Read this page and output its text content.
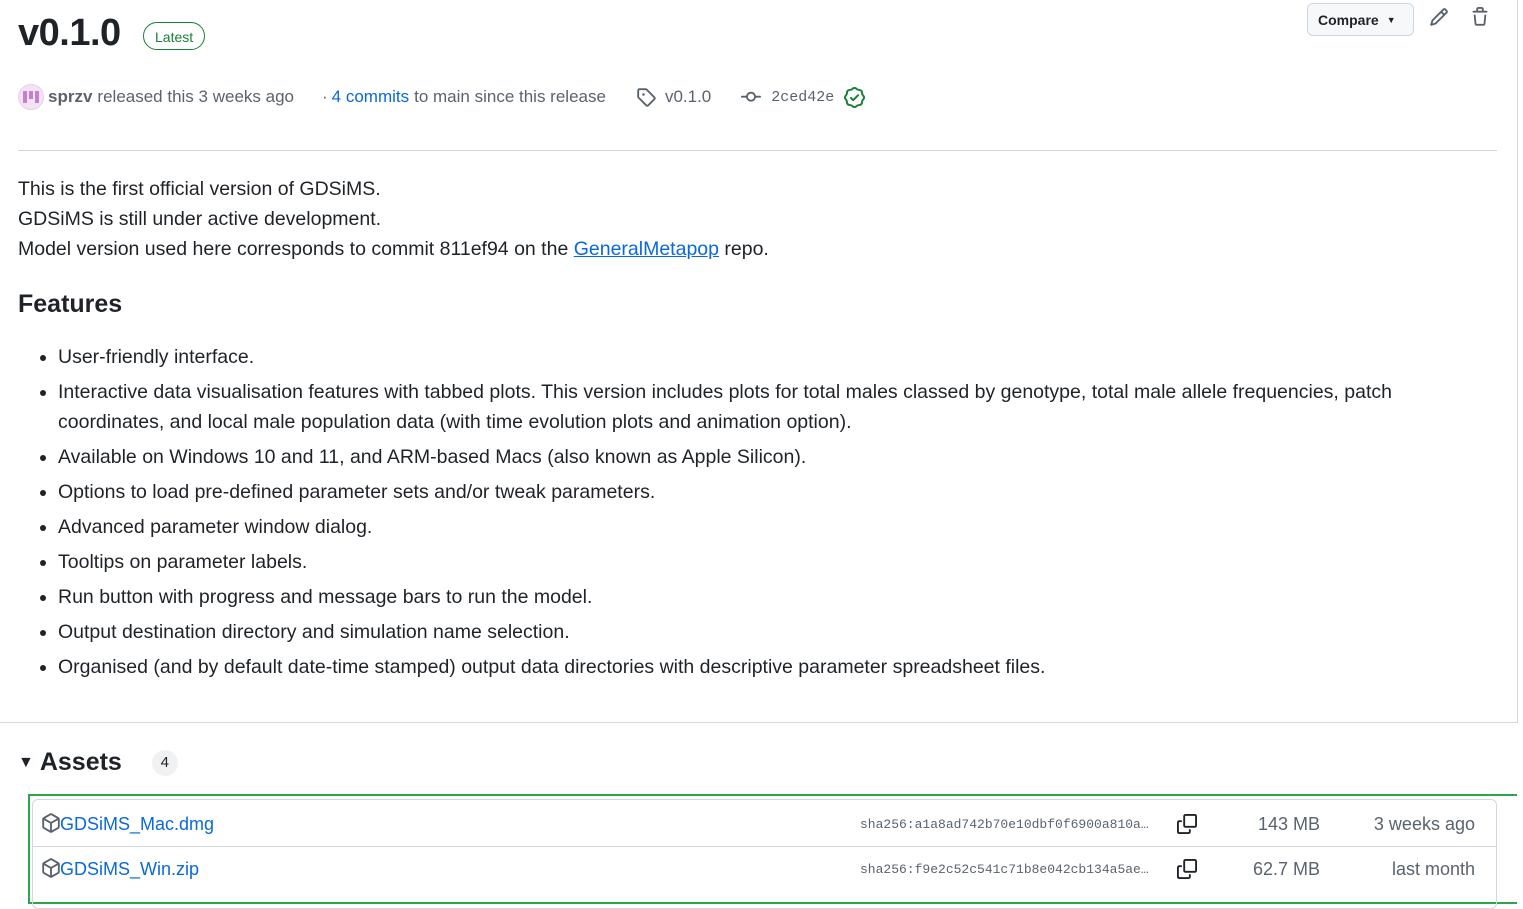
v0.1.0	Latest
Compare ▼
sprzv released this 3 weeks ago · 4 commits to main since this release	v0.1.0	2ced42e
This is the first official version of GDSiMS.
GDSiMS is still under active development.
Model version used here corresponds to commit 811ef94 on the GeneralMetapop repo.
Features
• User-friendly interface.
• Interactive data visualisation features with tabbed plots. This version includes plots for total males classed by genotype, total male allele frequencies, patch coordinates, and local male population data (with time evolution plots and animation option).
• Available on Windows 10 and 11, and ARM-based Macs (also known as Apple Silicon).
• Options to load pre-defined parameter sets and/or tweak parameters.
• Advanced parameter window dialog.
• Tooltips on parameter labels.
• Run button with progress and message bars to run the model.
• Output destination directory and simulation name selection.
• Organised (and by default date-time stamped) output data directories with descriptive parameter spreadsheet files.
▼ Assets	4
GDSiMS_Mac.dmg	sha256:a1a8ad742b70e10dbf0f6900a810a…	143 MB	3 weeks ago
GDSiMS_Win.zip	sha256:f9e2c52c541c71b8e042cb134a5ae…	62.7 MB	last month
